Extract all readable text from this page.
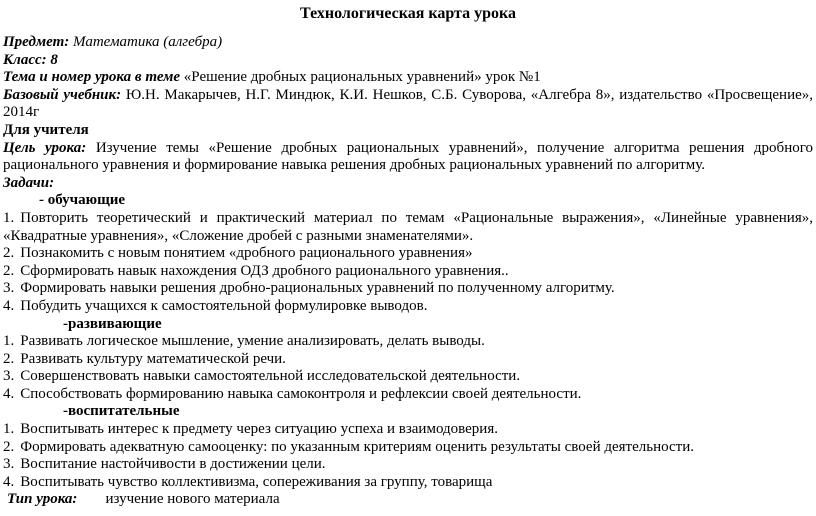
Технологическая карта урока

Предмет: Математика (алгебра)

Класс: 8

Тема и номер урока в теме «Решение дробных рациональных уравнений» урок №1

Базовый учебник: Ю.Н. Макарычев, Н.Г. Миндюк, К.И. Нешков, С.Б. Суворова, «Алгебра 8», издательство «Просвещение», 2014г

Для учителя

Цель урока: Изучение темы «Решение дробных рациональных уравнений», получение алгоритма решения дробного рационального уравнения и формирование навыка решения дробных рациональных уравнений по алгоритму.

Задачи:

- обучающие

1. Повторить теоретический и практический материал по темам «Рациональные выражения», «Линейные уравнения», «Квадратные уравнения», «Сложение дробей с разными знаменателями».

2. Познакомить с новым понятием «дробного рационального уравнения»

2. Сформировать навык нахождения ОДЗ дробного рационального уравнения..

3. Формировать навыки решения дробно-рациональных уравнений по полученному алгоритму.

4. Побудить учащихся к самостоятельной формулировке выводов.

-развивающие

1. Развивать логическое мышление, умение анализировать, делать выводы.

2. Развивать культуру математической речи.

3. Совершенствовать навыки самостоятельной исследовательской деятельности.

4. Способствовать формированию навыка самоконтроля и рефлексии своей деятельности.

-воспитательные

1. Воспитывать интерес к предмету через ситуацию успеха и взаимодоверия.

2. Формировать адекватную самооценку: по указанным критериям оценить результаты своей деятельности.

3. Воспитание настойчивости в достижении цели.

4. Воспитывать чувство коллективизма, сопереживания за группу, товарища

Тип урока: изучение нового материала
